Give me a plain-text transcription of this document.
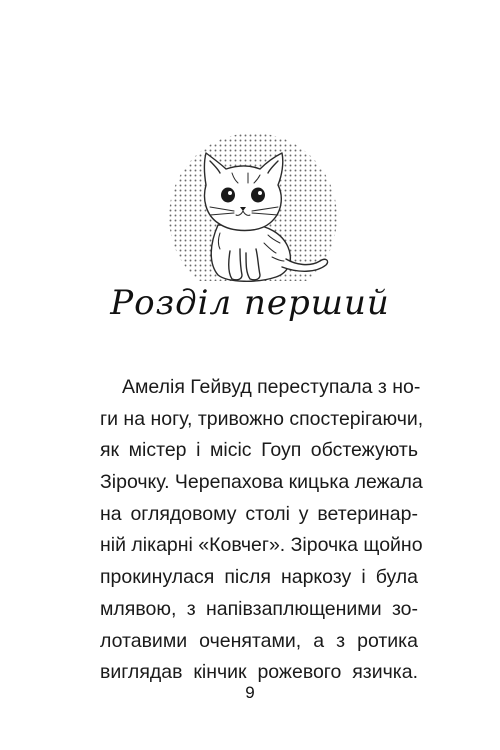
Розділ перший
Амелія Гейвуд переступала з но-
ги на ногу, тривожно спостерігаючи,
як містер і місіс Гоуп обстежують
Зірочку. Черепахова кицька лежала
на оглядовому столі у ветеринар-
ній лікарні «Ковчег». Зірочка щойно
прокинулася після наркозу і була
млявою, з напівзаплющеними зо-
лотавими оченятами, а з ротика
виглядав кінчик рожевого язичка.
9
